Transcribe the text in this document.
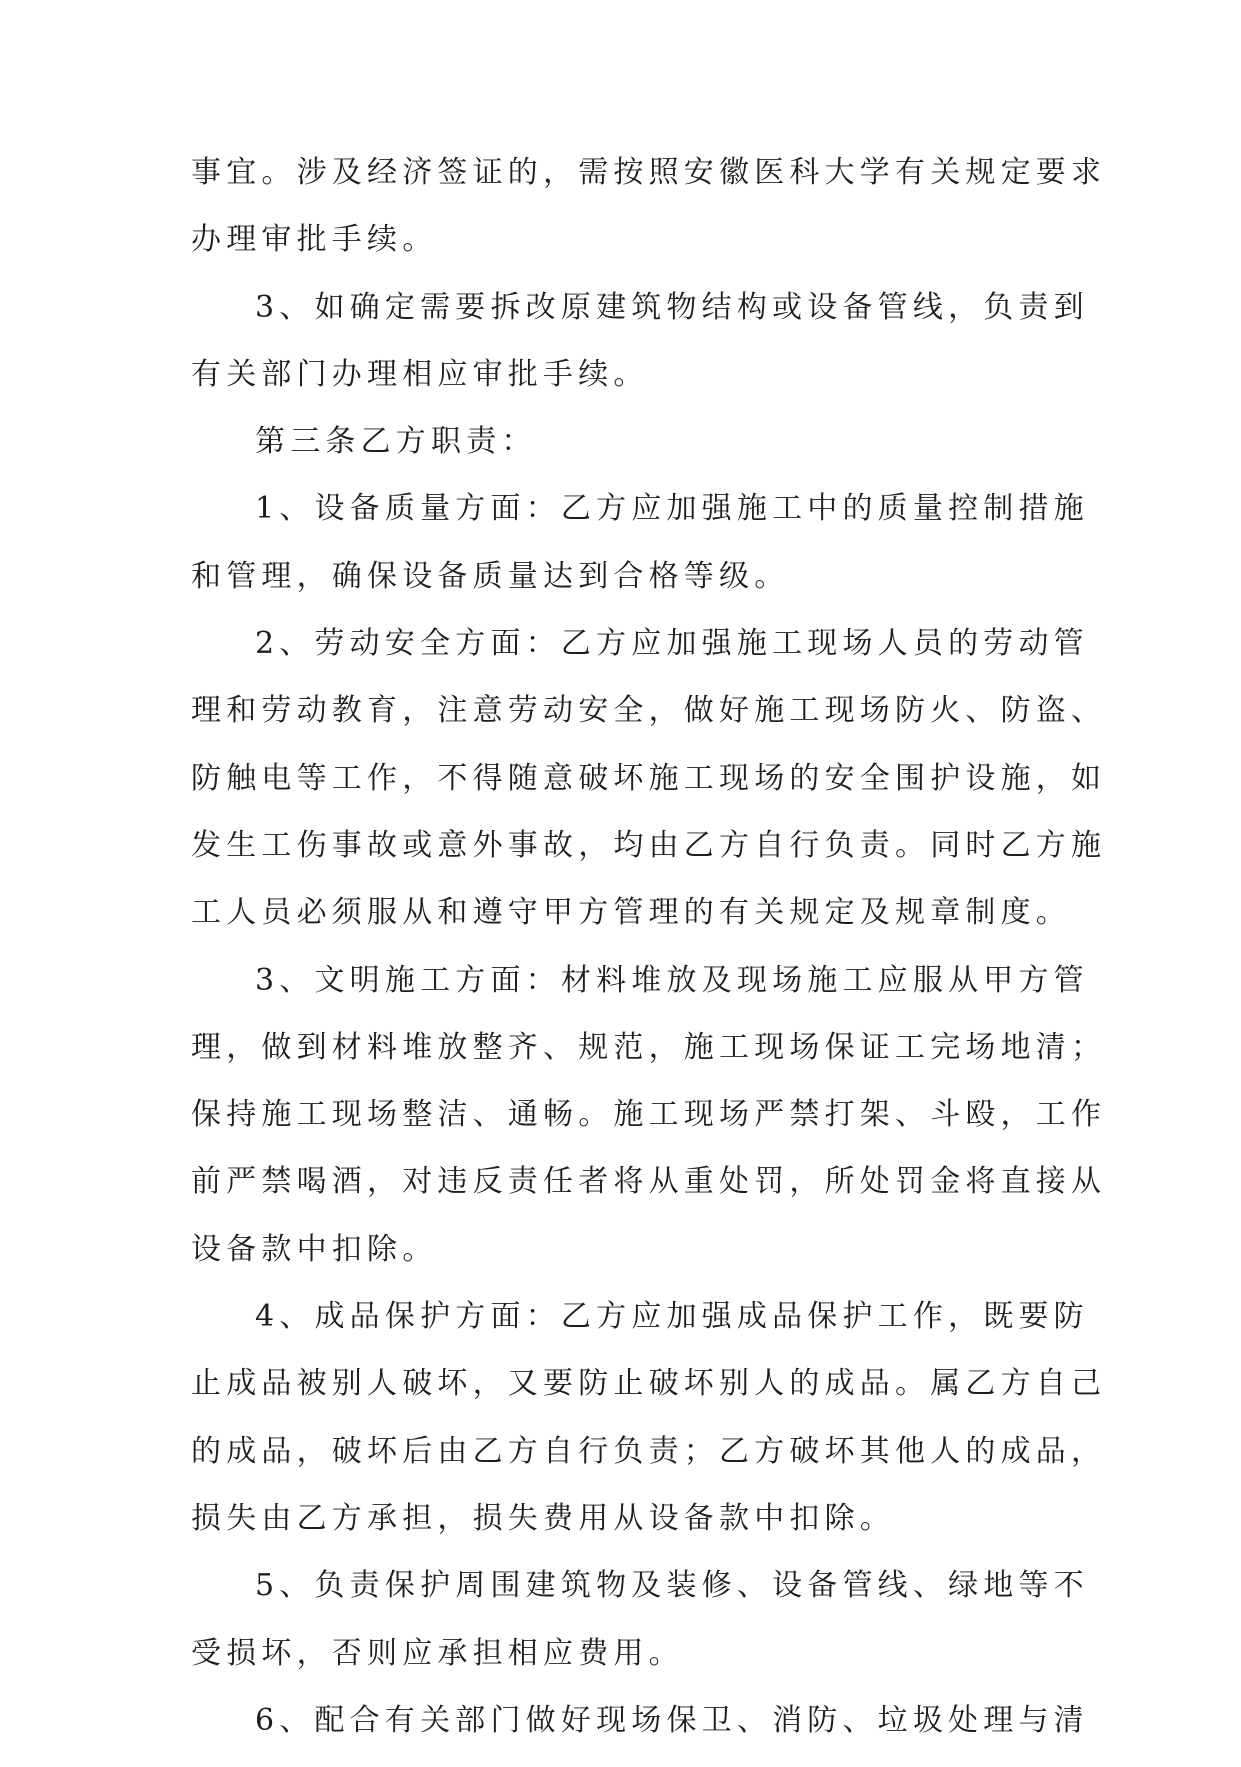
事宜。涉及经济签证的，需按照安徽医科大学有关规定要求
办理审批手续。
3、如确定需要拆改原建筑物结构或设备管线，负责到
有关部门办理相应审批手续。
第三条乙方职责：
1、设备质量方面：乙方应加强施工中的质量控制措施
和管理，确保设备质量达到合格等级。
2、劳动安全方面：乙方应加强施工现场人员的劳动管
理和劳动教育，注意劳动安全，做好施工现场防火、防盗、
防触电等工作，不得随意破坏施工现场的安全围护设施，如
发生工伤事故或意外事故，均由乙方自行负责。同时乙方施
工人员必须服从和遵守甲方管理的有关规定及规章制度。
3、文明施工方面：材料堆放及现场施工应服从甲方管
理，做到材料堆放整齐、规范，施工现场保证工完场地清；
保持施工现场整洁、通畅。施工现场严禁打架、斗殴，工作
前严禁喝酒，对违反责任者将从重处罚，所处罚金将直接从
设备款中扣除。
4、成品保护方面：乙方应加强成品保护工作，既要防
止成品被别人破坏，又要防止破坏别人的成品。属乙方自己
的成品，破坏后由乙方自行负责；乙方破坏其他人的成品，
损失由乙方承担，损失费用从设备款中扣除。
5、负责保护周围建筑物及装修、设备管线、绿地等不
受损坏，否则应承担相应费用。
6、配合有关部门做好现场保卫、消防、垃圾处理与清
